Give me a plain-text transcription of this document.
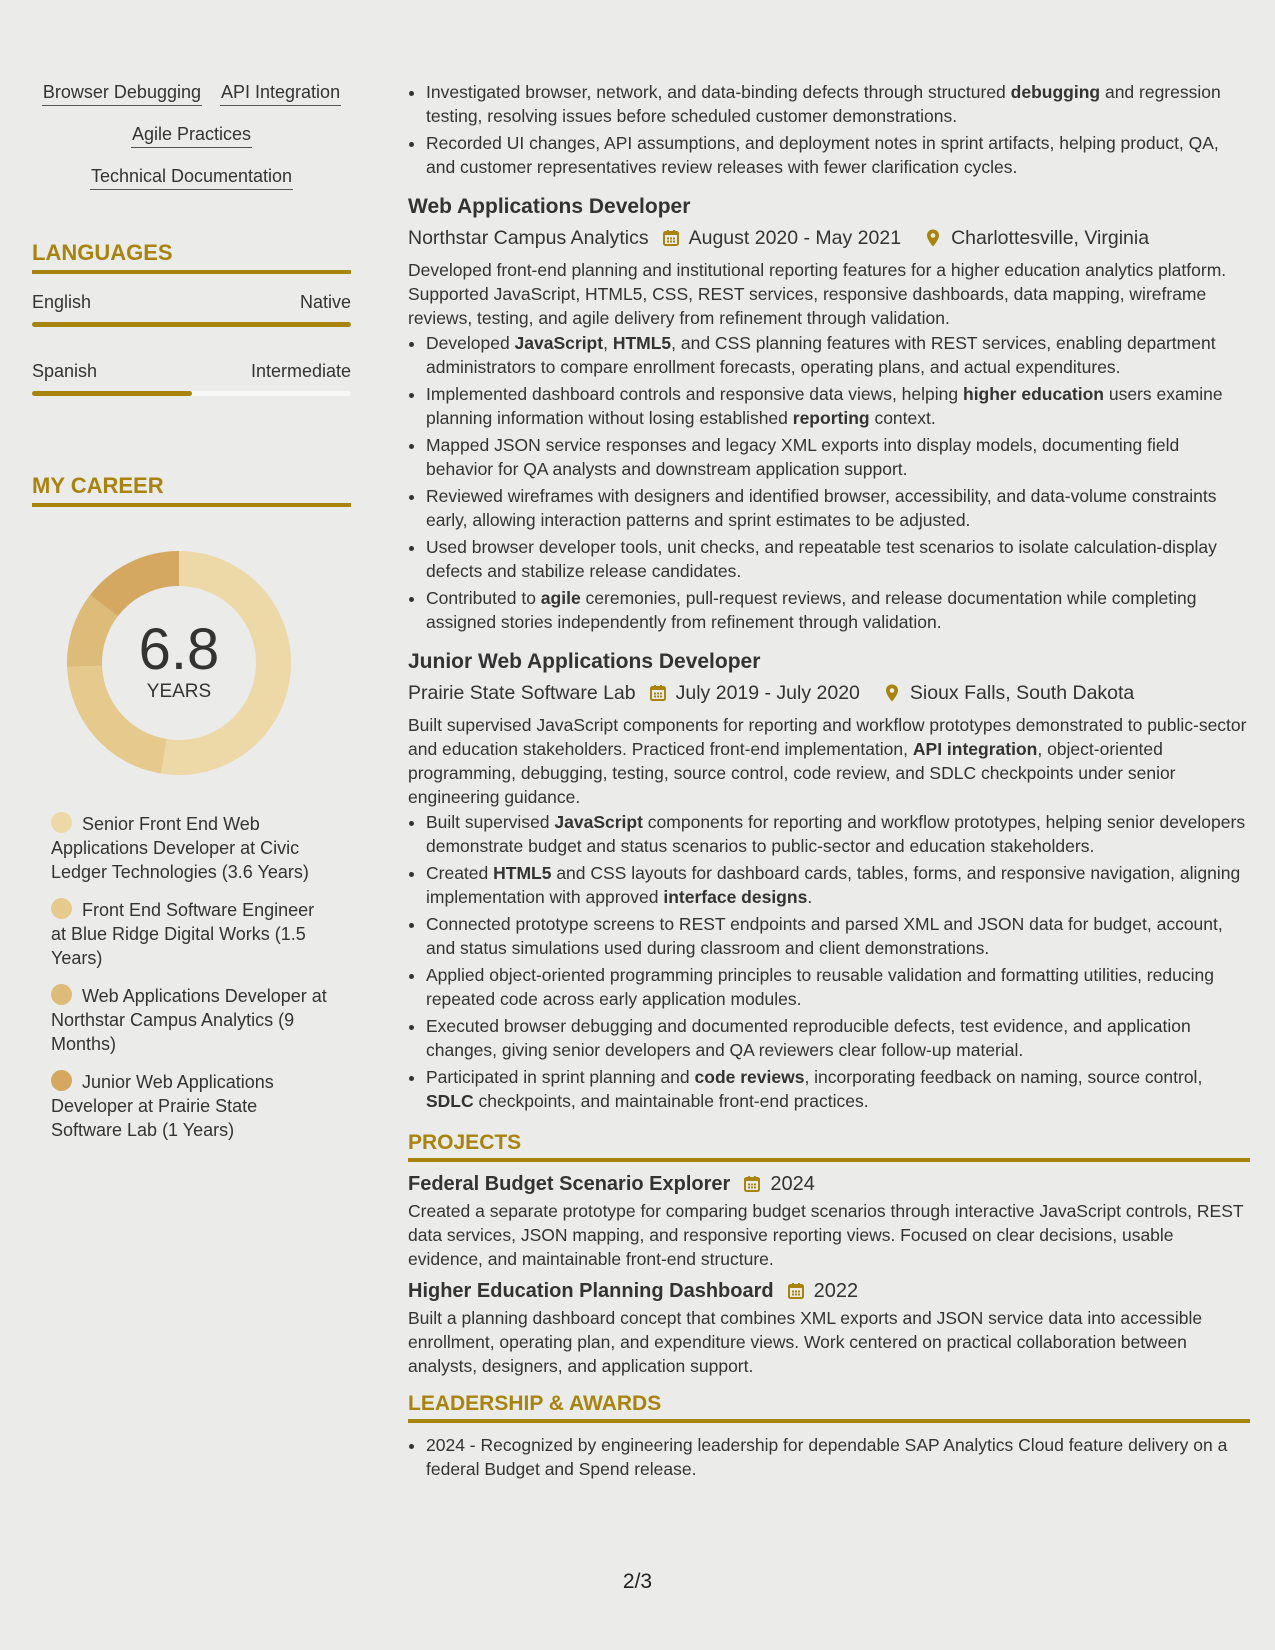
Browser Debugging API Integration
Agile Practices
Technical Documentation
LANGUAGES
English	Native
Spanish	Intermediate
MY CAREER
6.8
YEARS
Senior Front End Web Applications Developer at Civic Ledger Technologies (3.6 Years)
Front End Software Engineer at Blue Ridge Digital Works (1.5 Years)
Web Applications Developer at Northstar Campus Analytics (9 Months)
Junior Web Applications Developer at Prairie State Software Lab (1 Years)
• Investigated browser, network, and data-binding defects through structured debugging and regression testing, resolving issues before scheduled customer demonstrations.
• Recorded UI changes, API assumptions, and deployment notes in sprint artifacts, helping product, QA, and customer representatives review releases with fewer clarification cycles.
Web Applications Developer
Northstar Campus Analytics August 2020 - May 2021	Charlottesville, Virginia
Developed front-end planning and institutional reporting features for a higher education analytics platform. Supported JavaScript, HTML5, CSS, REST services, responsive dashboards, data mapping, wireframe reviews, testing, and agile delivery from refinement through validation.
• Developed JavaScript, HTML5, and CSS planning features with REST services, enabling department administrators to compare enrollment forecasts, operating plans, and actual expenditures.
• Implemented dashboard controls and responsive data views, helping higher education users examine planning information without losing established reporting context.
• Mapped JSON service responses and legacy XML exports into display models, documenting field behavior for QA analysts and downstream application support.
• Reviewed wireframes with designers and identified browser, accessibility, and data-volume constraints early, allowing interaction patterns and sprint estimates to be adjusted.
• Used browser developer tools, unit checks, and repeatable test scenarios to isolate calculation-display defects and stabilize release candidates.
• Contributed to agile ceremonies, pull-request reviews, and release documentation while completing assigned stories independently from refinement through validation.
Junior Web Applications Developer
Prairie State Software Lab July 2019 - July 2020	Sioux Falls, South Dakota
Built supervised JavaScript components for reporting and workflow prototypes demonstrated to public-sector and education stakeholders. Practiced front-end implementation, API integration, object-oriented programming, debugging, testing, source control, code review, and SDLC checkpoints under senior engineering guidance.
• Built supervised JavaScript components for reporting and workflow prototypes, helping senior developers demonstrate budget and status scenarios to public-sector and education stakeholders.
• Created HTML5 and CSS layouts for dashboard cards, tables, forms, and responsive navigation, aligning implementation with approved interface designs.
• Connected prototype screens to REST endpoints and parsed XML and JSON data for budget, account, and status simulations used during classroom and client demonstrations.
• Applied object-oriented programming principles to reusable validation and formatting utilities, reducing repeated code across early application modules.
• Executed browser debugging and documented reproducible defects, test evidence, and application changes, giving senior developers and QA reviewers clear follow-up material.
• Participated in sprint planning and code reviews, incorporating feedback on naming, source control, SDLC checkpoints, and maintainable front-end practices.
PROJECTS
Federal Budget Scenario Explorer 2024
Created a separate prototype for comparing budget scenarios through interactive JavaScript controls, REST data services, JSON mapping, and responsive reporting views. Focused on clear decisions, usable evidence, and maintainable front-end structure.
Higher Education Planning Dashboard 2022
Built a planning dashboard concept that combines XML exports and JSON service data into accessible enrollment, operating plan, and expenditure views. Work centered on practical collaboration between analysts, designers, and application support.
LEADERSHIP & AWARDS
• 2024 - Recognized by engineering leadership for dependable SAP Analytics Cloud feature delivery on a federal Budget and Spend release.
2/3
